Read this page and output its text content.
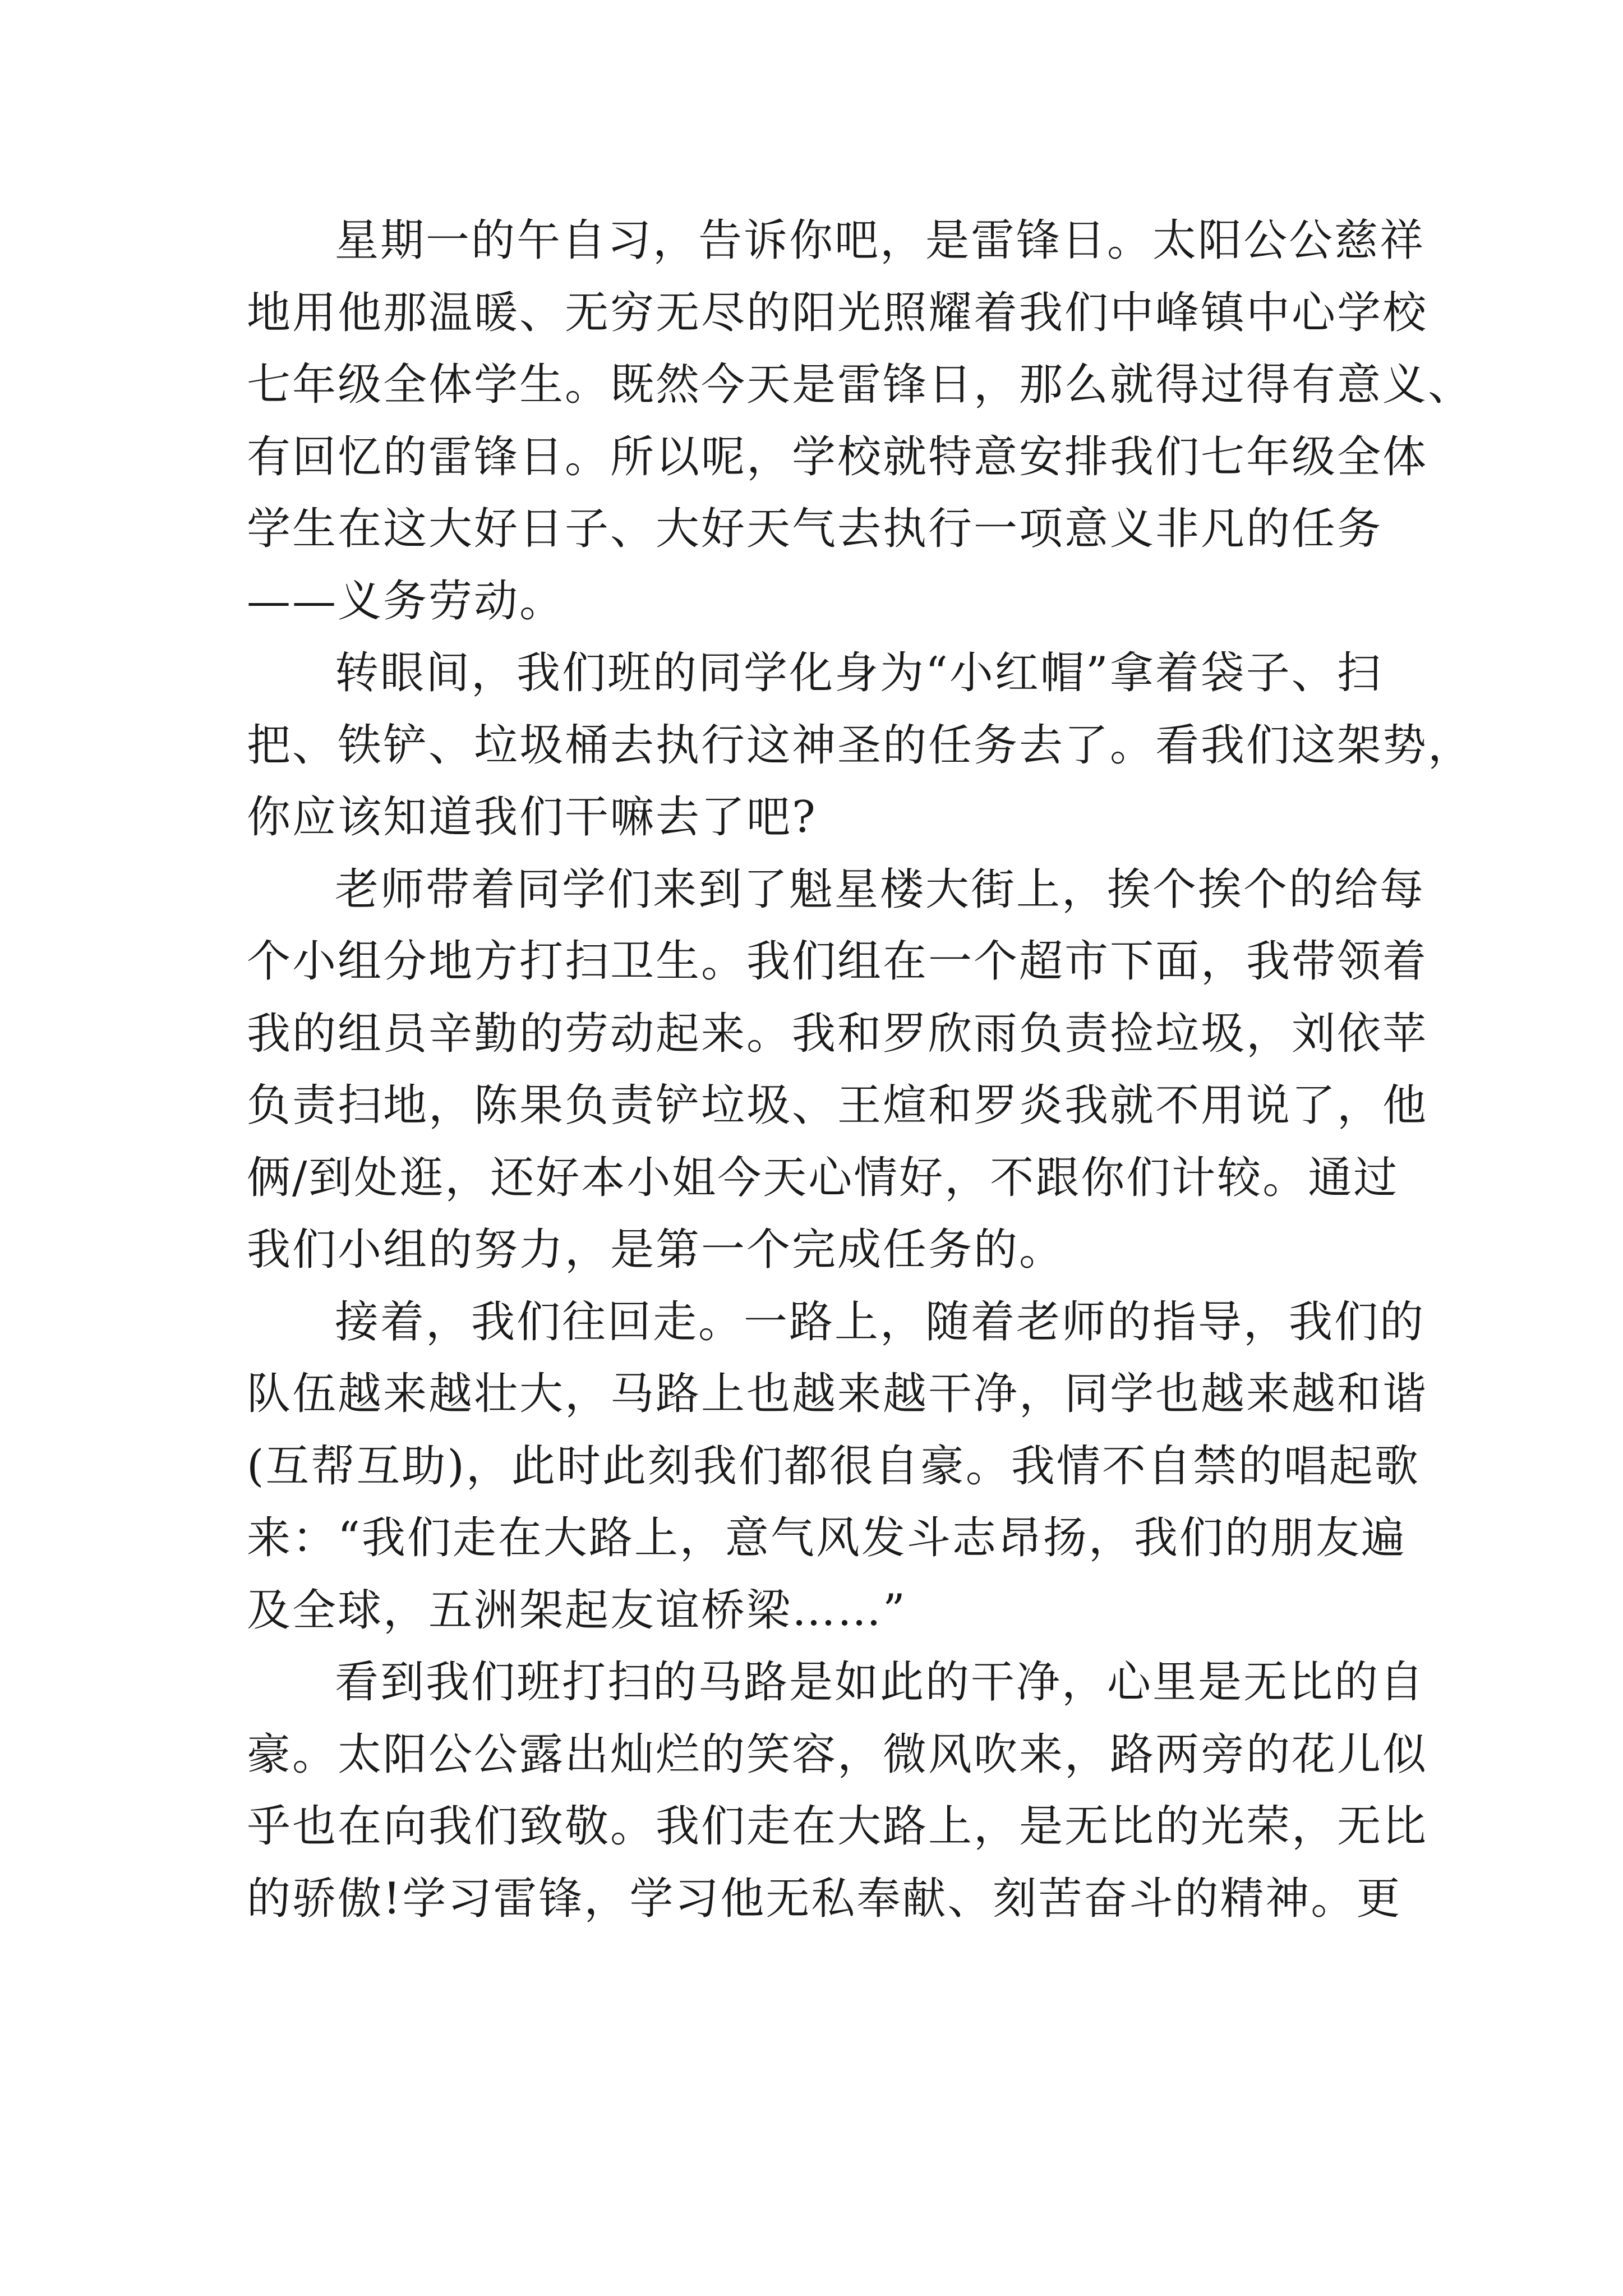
星期一的午自习，告诉你吧，是雷锋日。太阳公公慈祥
地用他那温暖、无穷无尽的阳光照耀着我们中峰镇中心学校
七年级全体学生。既然今天是雷锋日，那么就得过得有意义、
有回忆的雷锋日。所以呢，学校就特意安排我们七年级全体
学生在这大好日子、大好天气去执行一项意义非凡的任务
——义务劳动。
转眼间，我们班的同学化身为“小红帽”拿着袋子、扫
把、铁铲、垃圾桶去执行这神圣的任务去了。看我们这架势，
你应该知道我们干嘛去了吧?
老师带着同学们来到了魁星楼大街上，挨个挨个的给每
个小组分地方打扫卫生。我们组在一个超市下面，我带领着
我的组员辛勤的劳动起来。我和罗欣雨负责捡垃圾，刘依苹
负责扫地，陈果负责铲垃圾、王煊和罗炎我就不用说了，他
俩/到处逛，还好本小姐今天心情好，不跟你们计较。通过
我们小组的努力，是第一个完成任务的。
接着，我们往回走。一路上，随着老师的指导，我们的
队伍越来越壮大，马路上也越来越干净，同学也越来越和谐
(互帮互助)，此时此刻我们都很自豪。我情不自禁的唱起歌
来：“我们走在大路上，意气风发斗志昂扬，我们的朋友遍
及全球，五洲架起友谊桥梁……”
看到我们班打扫的马路是如此的干净，心里是无比的自
豪。太阳公公露出灿烂的笑容，微风吹来，路两旁的花儿似
乎也在向我们致敬。我们走在大路上，是无比的光荣，无比
的骄傲!学习雷锋，学习他无私奉献、刻苦奋斗的精神。更
